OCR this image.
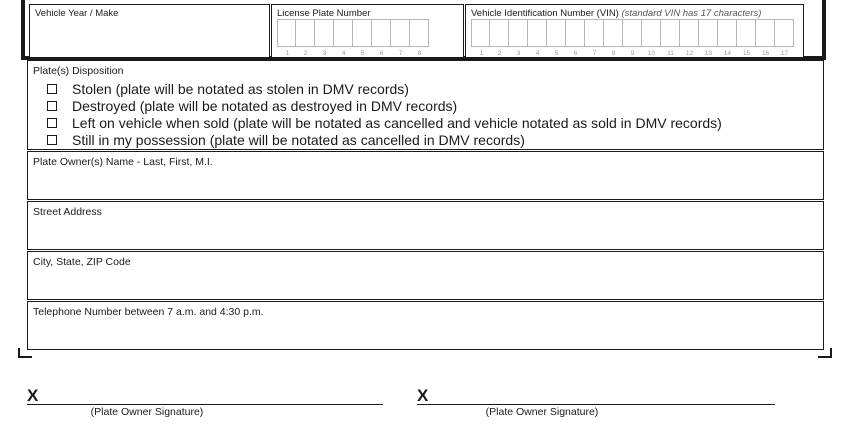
Vehicle Year / Make	License Plate Number
1	2	3	4	5	6	7	8
Vehicle Identification Number (VIN) (standard VIN has 17 characters)
1	2	3	4	5	6	7	8	9	10	11	12	13	14	15	16	17
Plate(s) Disposition
Stolen (plate will be notated as stolen in DMV records)
Destroyed (plate will be notated as destroyed in DMV records)
Left on vehicle when sold (plate will be notated as cancelled and vehicle notated as sold in DMV records)
Still in my possession (plate will be notated as cancelled in DMV records)
Plate Owner(s) Name - Last, First, M.I.
Street Address
City, State, ZIP Code
Telephone Number between 7 a.m. and 4:30 p.m.
X
(Plate Owner Signature)
X
(Plate Owner Signature)
